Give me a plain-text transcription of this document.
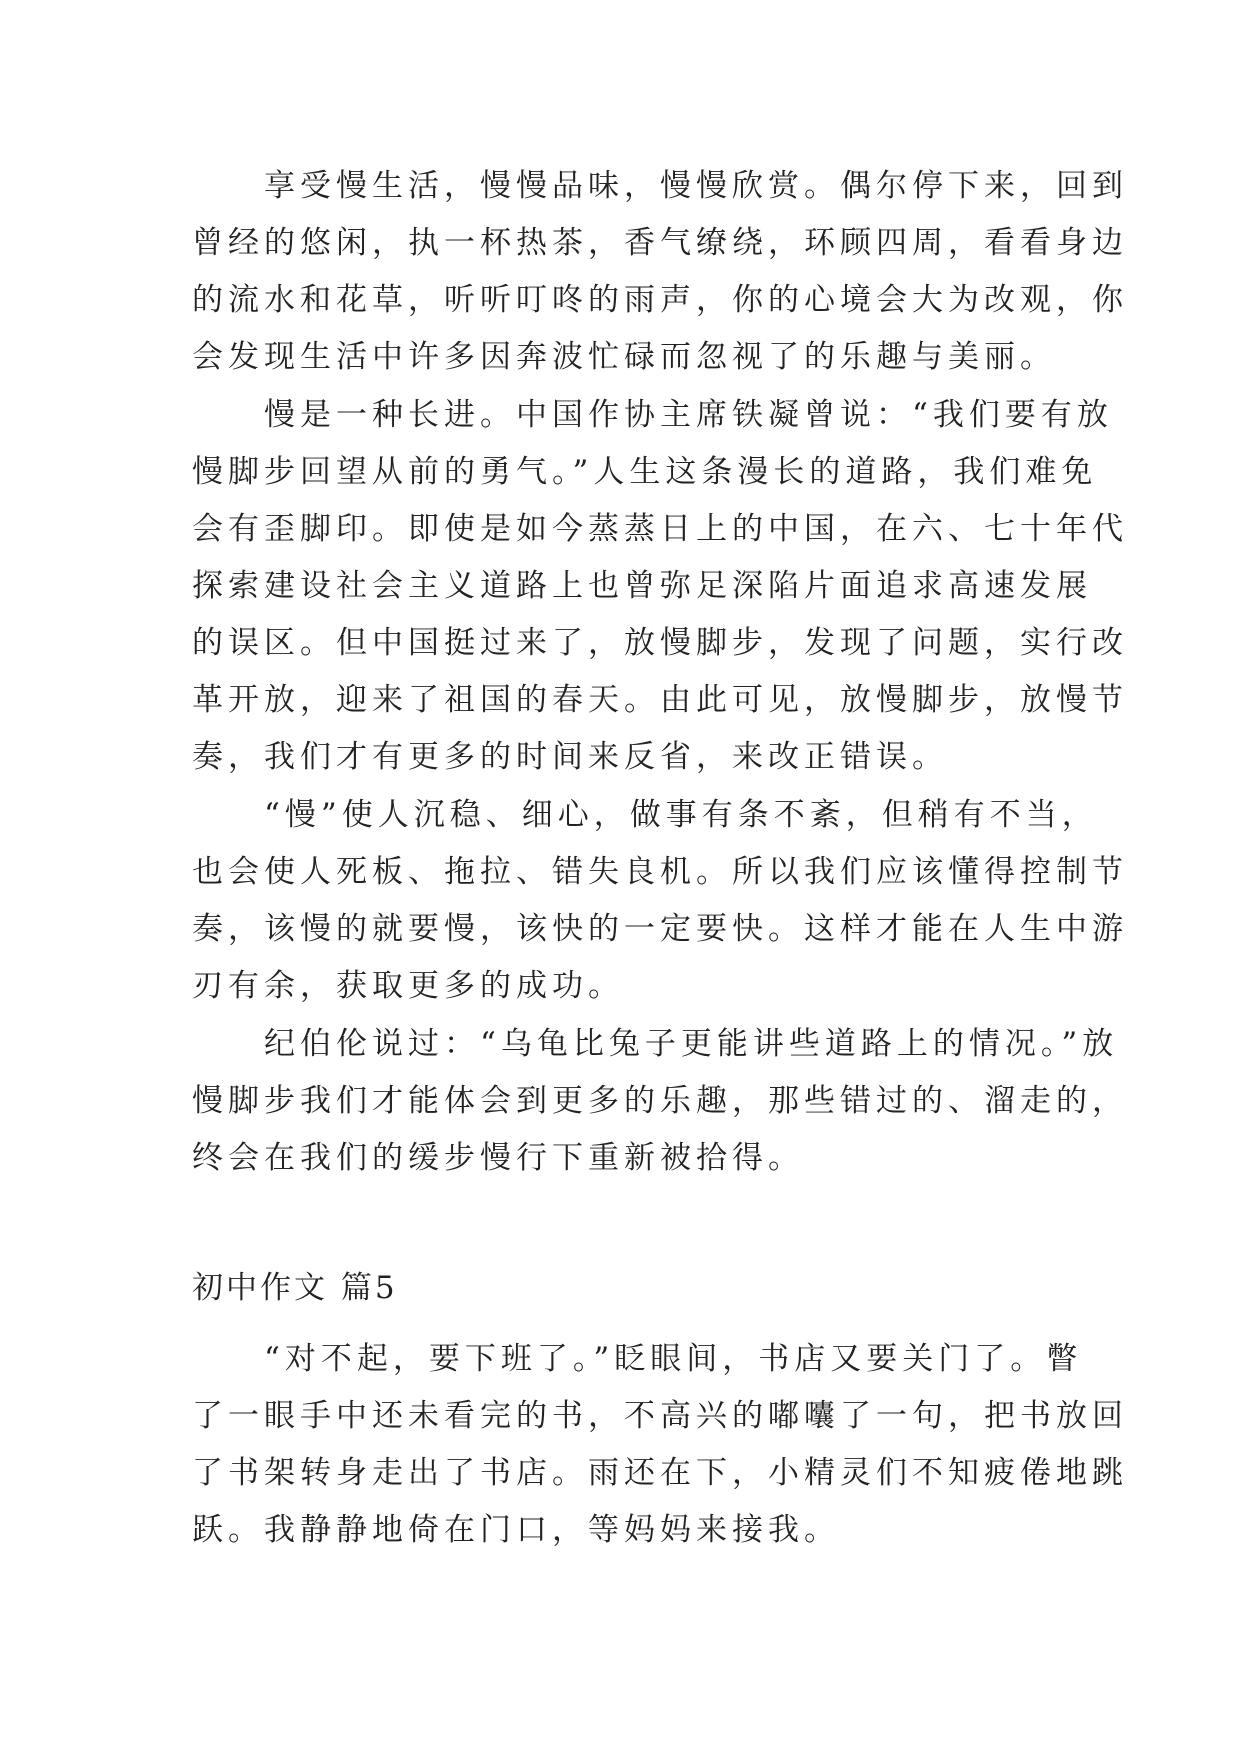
　　享受慢生活，慢慢品味，慢慢欣赏。偶尔停下来，回到
曾经的悠闲，执一杯热茶，香气缭绕，环顾四周，看看身边
的流水和花草，听听叮咚的雨声，你的心境会大为改观，你
会发现生活中许多因奔波忙碌而忽视了的乐趣与美丽。
　　慢是一种长进。中国作协主席铁凝曾说：“我们要有放
慢脚步回望从前的勇气。”人生这条漫长的道路，我们难免
会有歪脚印。即使是如今蒸蒸日上的中国，在六、七十年代
探索建设社会主义道路上也曾弥足深陷片面追求高速发展
的误区。但中国挺过来了，放慢脚步，发现了问题，实行改
革开放，迎来了祖国的春天。由此可见，放慢脚步，放慢节
奏，我们才有更多的时间来反省，来改正错误。
　　“慢”使人沉稳、细心，做事有条不紊，但稍有不当，
也会使人死板、拖拉、错失良机。所以我们应该懂得控制节
奏，该慢的就要慢，该快的一定要快。这样才能在人生中游
刃有余，获取更多的成功。
　　纪伯伦说过：“乌龟比兔子更能讲些道路上的情况。”放
慢脚步我们才能体会到更多的乐趣，那些错过的、溜走的，
终会在我们的缓步慢行下重新被拾得。
初中作文 篇5
　　“对不起，要下班了。”眨眼间，书店又要关门了。瞥
了一眼手中还未看完的书，不高兴的嘟囔了一句，把书放回
了书架转身走出了书店。雨还在下，小精灵们不知疲倦地跳
跃。我静静地倚在门口，等妈妈来接我。
